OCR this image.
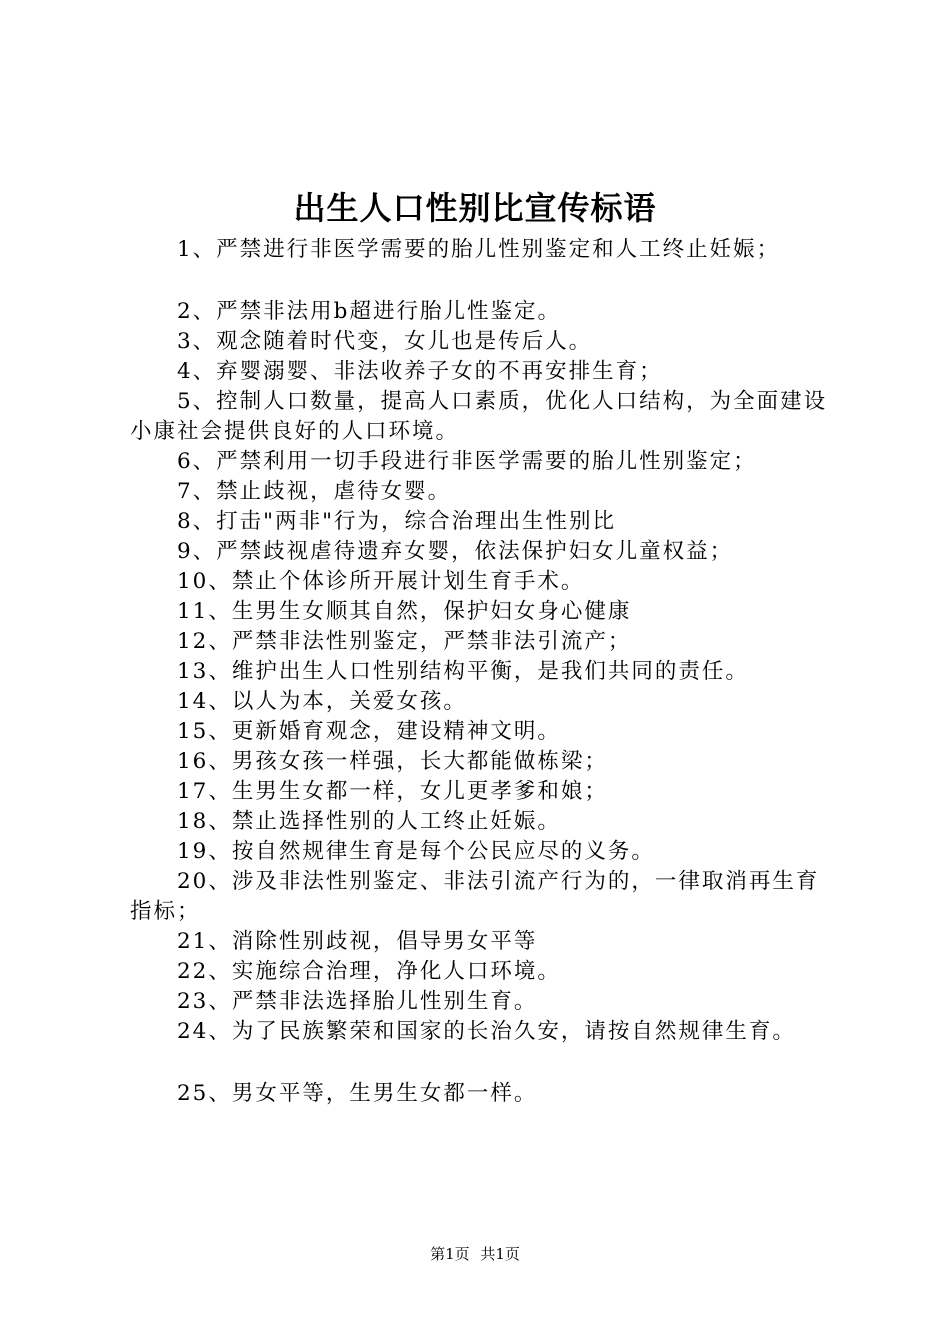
出生人口性别比宣传标语

1、严禁进行非医学需要的胎儿性别鉴定和人工终止妊娠；

2、严禁非法用b超进行胎儿性鉴定。

3、观念随着时代变，女儿也是传后人。

4、弃婴溺婴、非法收养子女的不再安排生育；

5、控制人口数量，提高人口素质，优化人口结构，为全面建设小康社会提供良好的人口环境。

6、严禁利用一切手段进行非医学需要的胎儿性别鉴定；

7、禁止歧视，虐待女婴。

8、打击"两非"行为，综合治理出生性别比

9、严禁歧视虐待遗弃女婴，依法保护妇女儿童权益；

10、禁止个体诊所开展计划生育手术。

11、生男生女顺其自然，保护妇女身心健康

12、严禁非法性别鉴定，严禁非法引流产；

13、维护出生人口性别结构平衡，是我们共同的责任。

14、以人为本，关爱女孩。

15、更新婚育观念，建设精神文明。

16、男孩女孩一样强，长大都能做栋梁；

17、生男生女都一样，女儿更孝爹和娘；

18、禁止选择性别的人工终止妊娠。

19、按自然规律生育是每个公民应尽的义务。

20、涉及非法性别鉴定、非法引流产行为的，一律取消再生育指标；

21、消除性别歧视，倡导男女平等

22、实施综合治理，净化人口环境。

23、严禁非法选择胎儿性别生育。

24、为了民族繁荣和国家的长治久安，请按自然规律生育。

25、男女平等，生男生女都一样。

第1页 共1页
